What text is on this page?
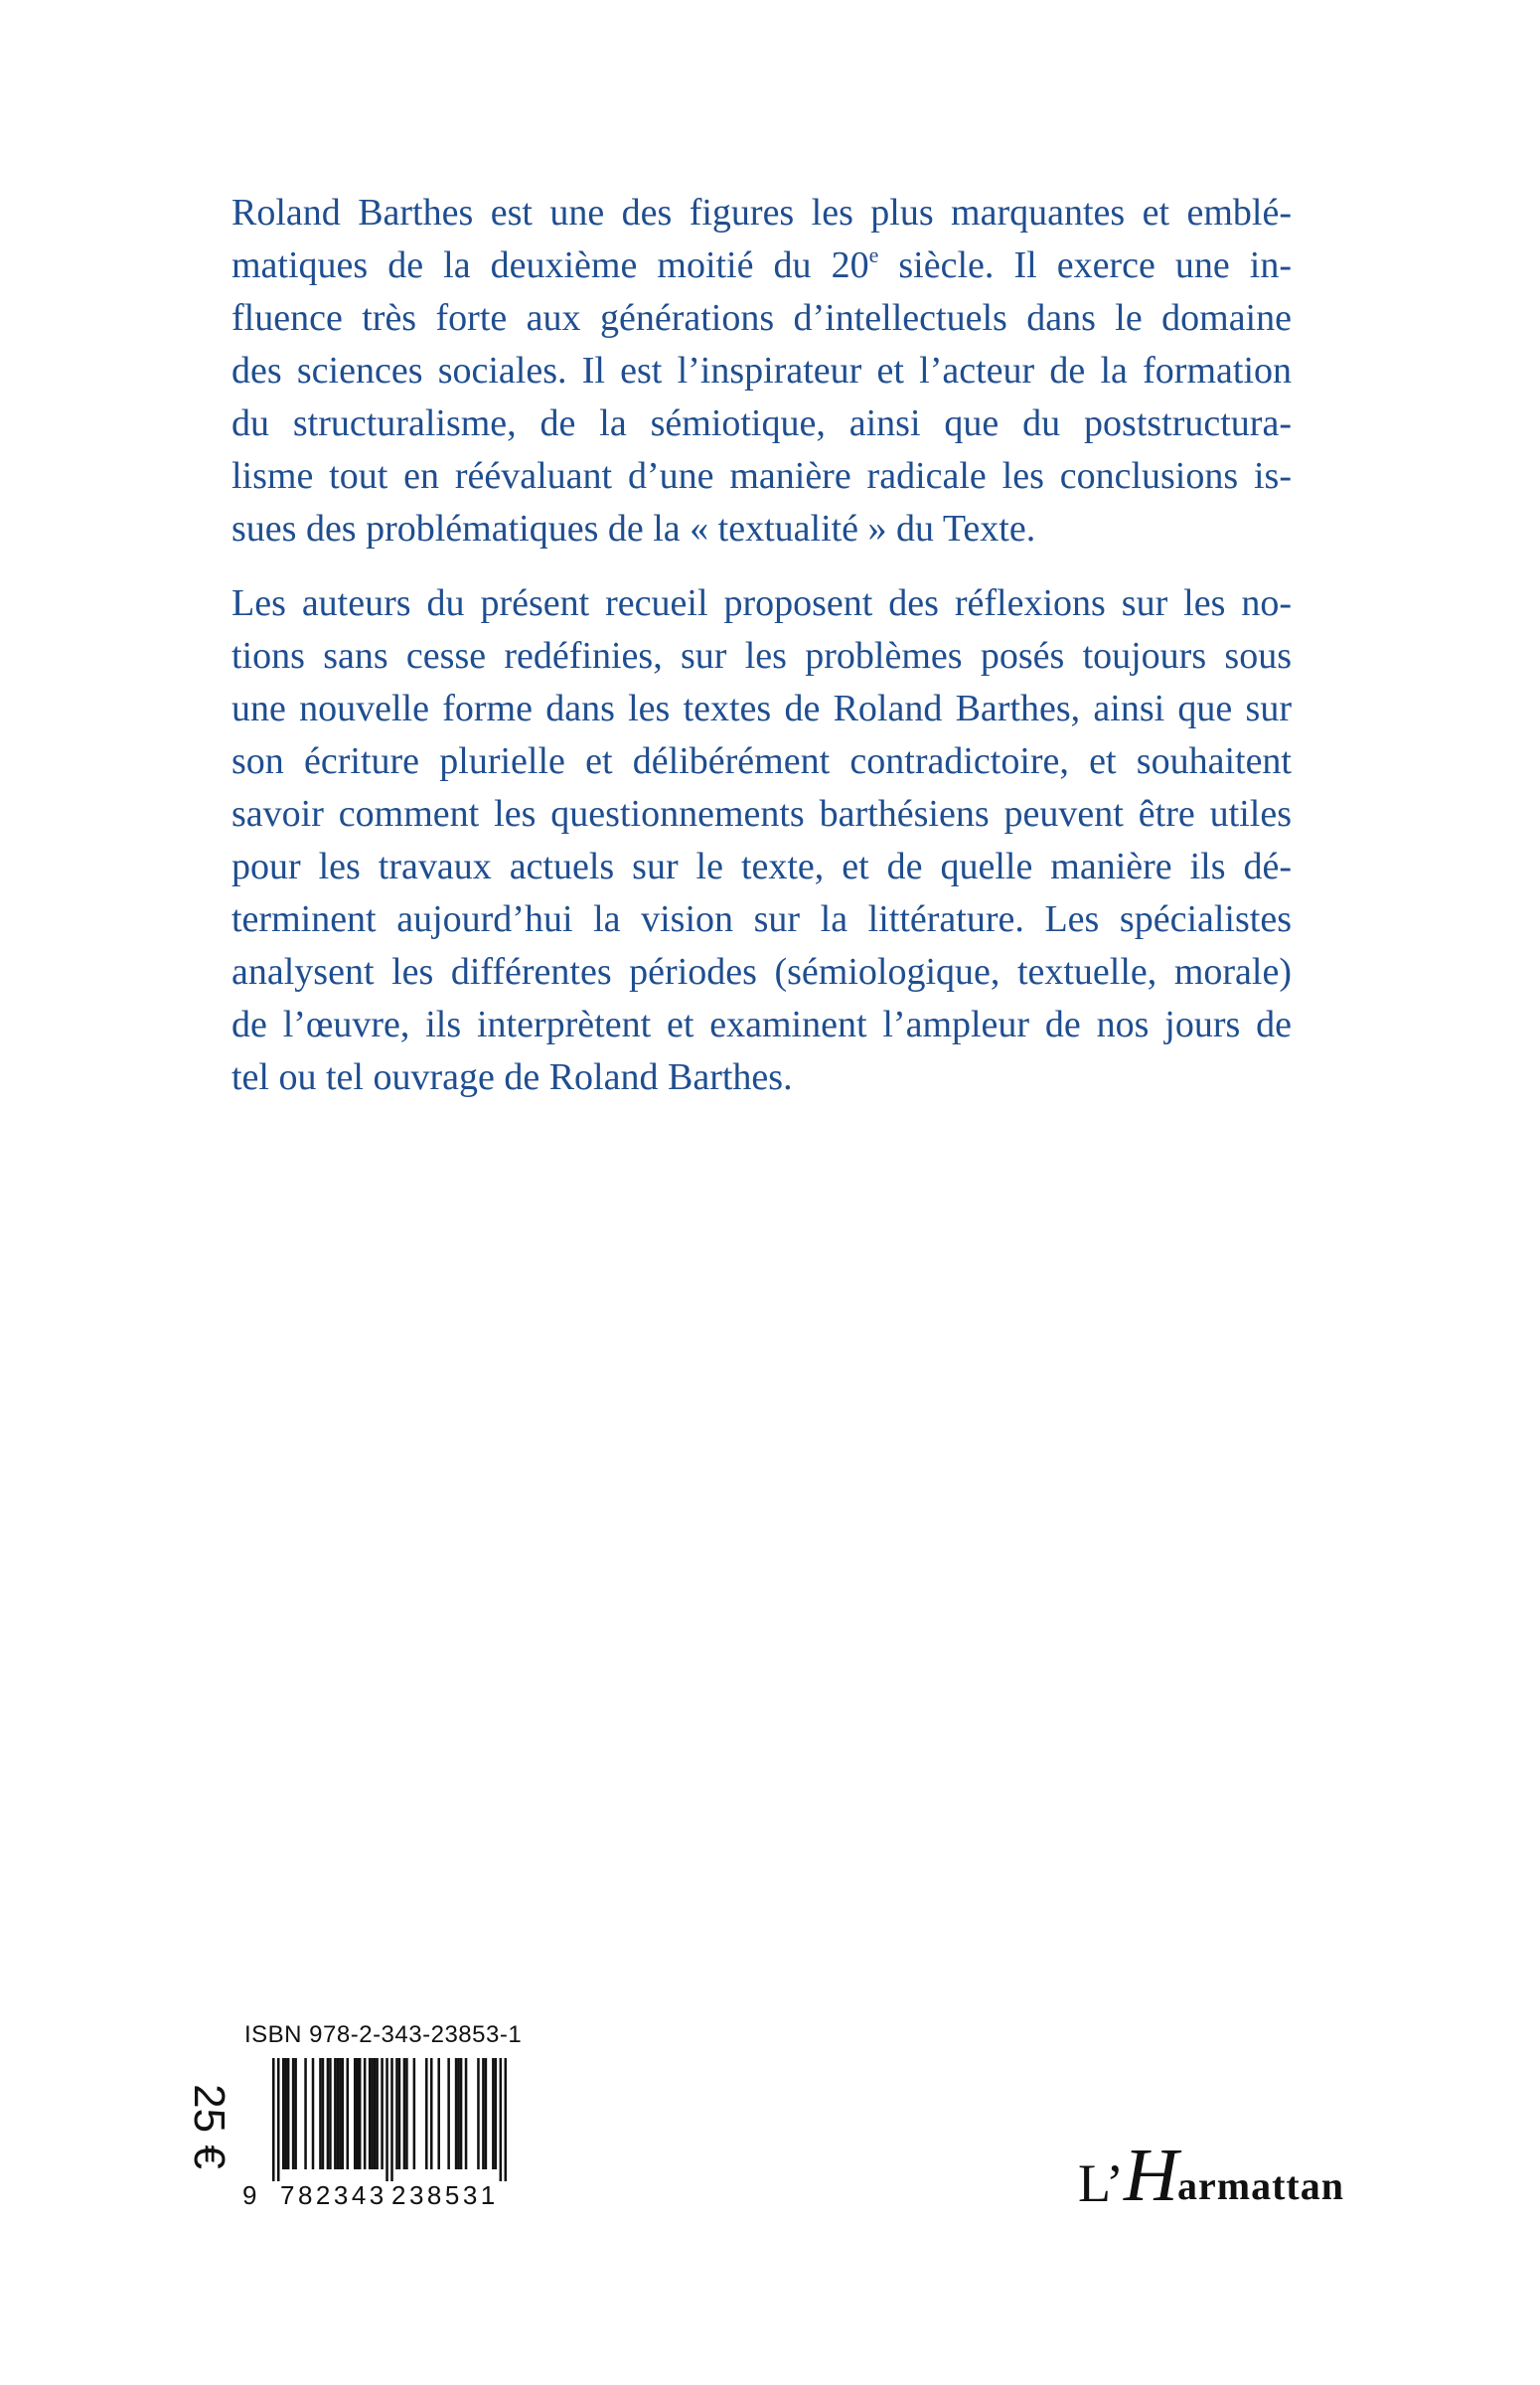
Roland Barthes est une des figures les plus marquantes et emblé-
matiques de la deuxième moitié du 20e siècle. Il exerce une in-
fluence très forte aux générations d’intellectuels dans le domaine
des sciences sociales. Il est l’inspirateur et l’acteur de la formation
du structuralisme, de la sémiotique, ainsi que du poststructura-
lisme tout en réévaluant d’une manière radicale les conclusions is-
sues des problématiques de la « textualité » du Texte.

Les auteurs du présent recueil proposent des réflexions sur les no-
tions sans cesse redéfinies, sur les problèmes posés toujours sous
une nouvelle forme dans les textes de Roland Barthes, ainsi que sur
son écriture plurielle et délibérément contradictoire, et souhaitent
savoir comment les questionnements barthésiens peuvent être utiles
pour les travaux actuels sur le texte, et de quelle manière ils dé-
terminent aujourd’hui la vision sur la littérature. Les spécialistes
analysent les différentes périodes (sémiologique, textuelle, morale)
de l’œuvre, ils interprètent et examinent l’ampleur de nos jours de
tel ou tel ouvrage de Roland Barthes.

25 €
ISBN 978-2-343-23853-1
9 782343 238531	L’ H armattan
